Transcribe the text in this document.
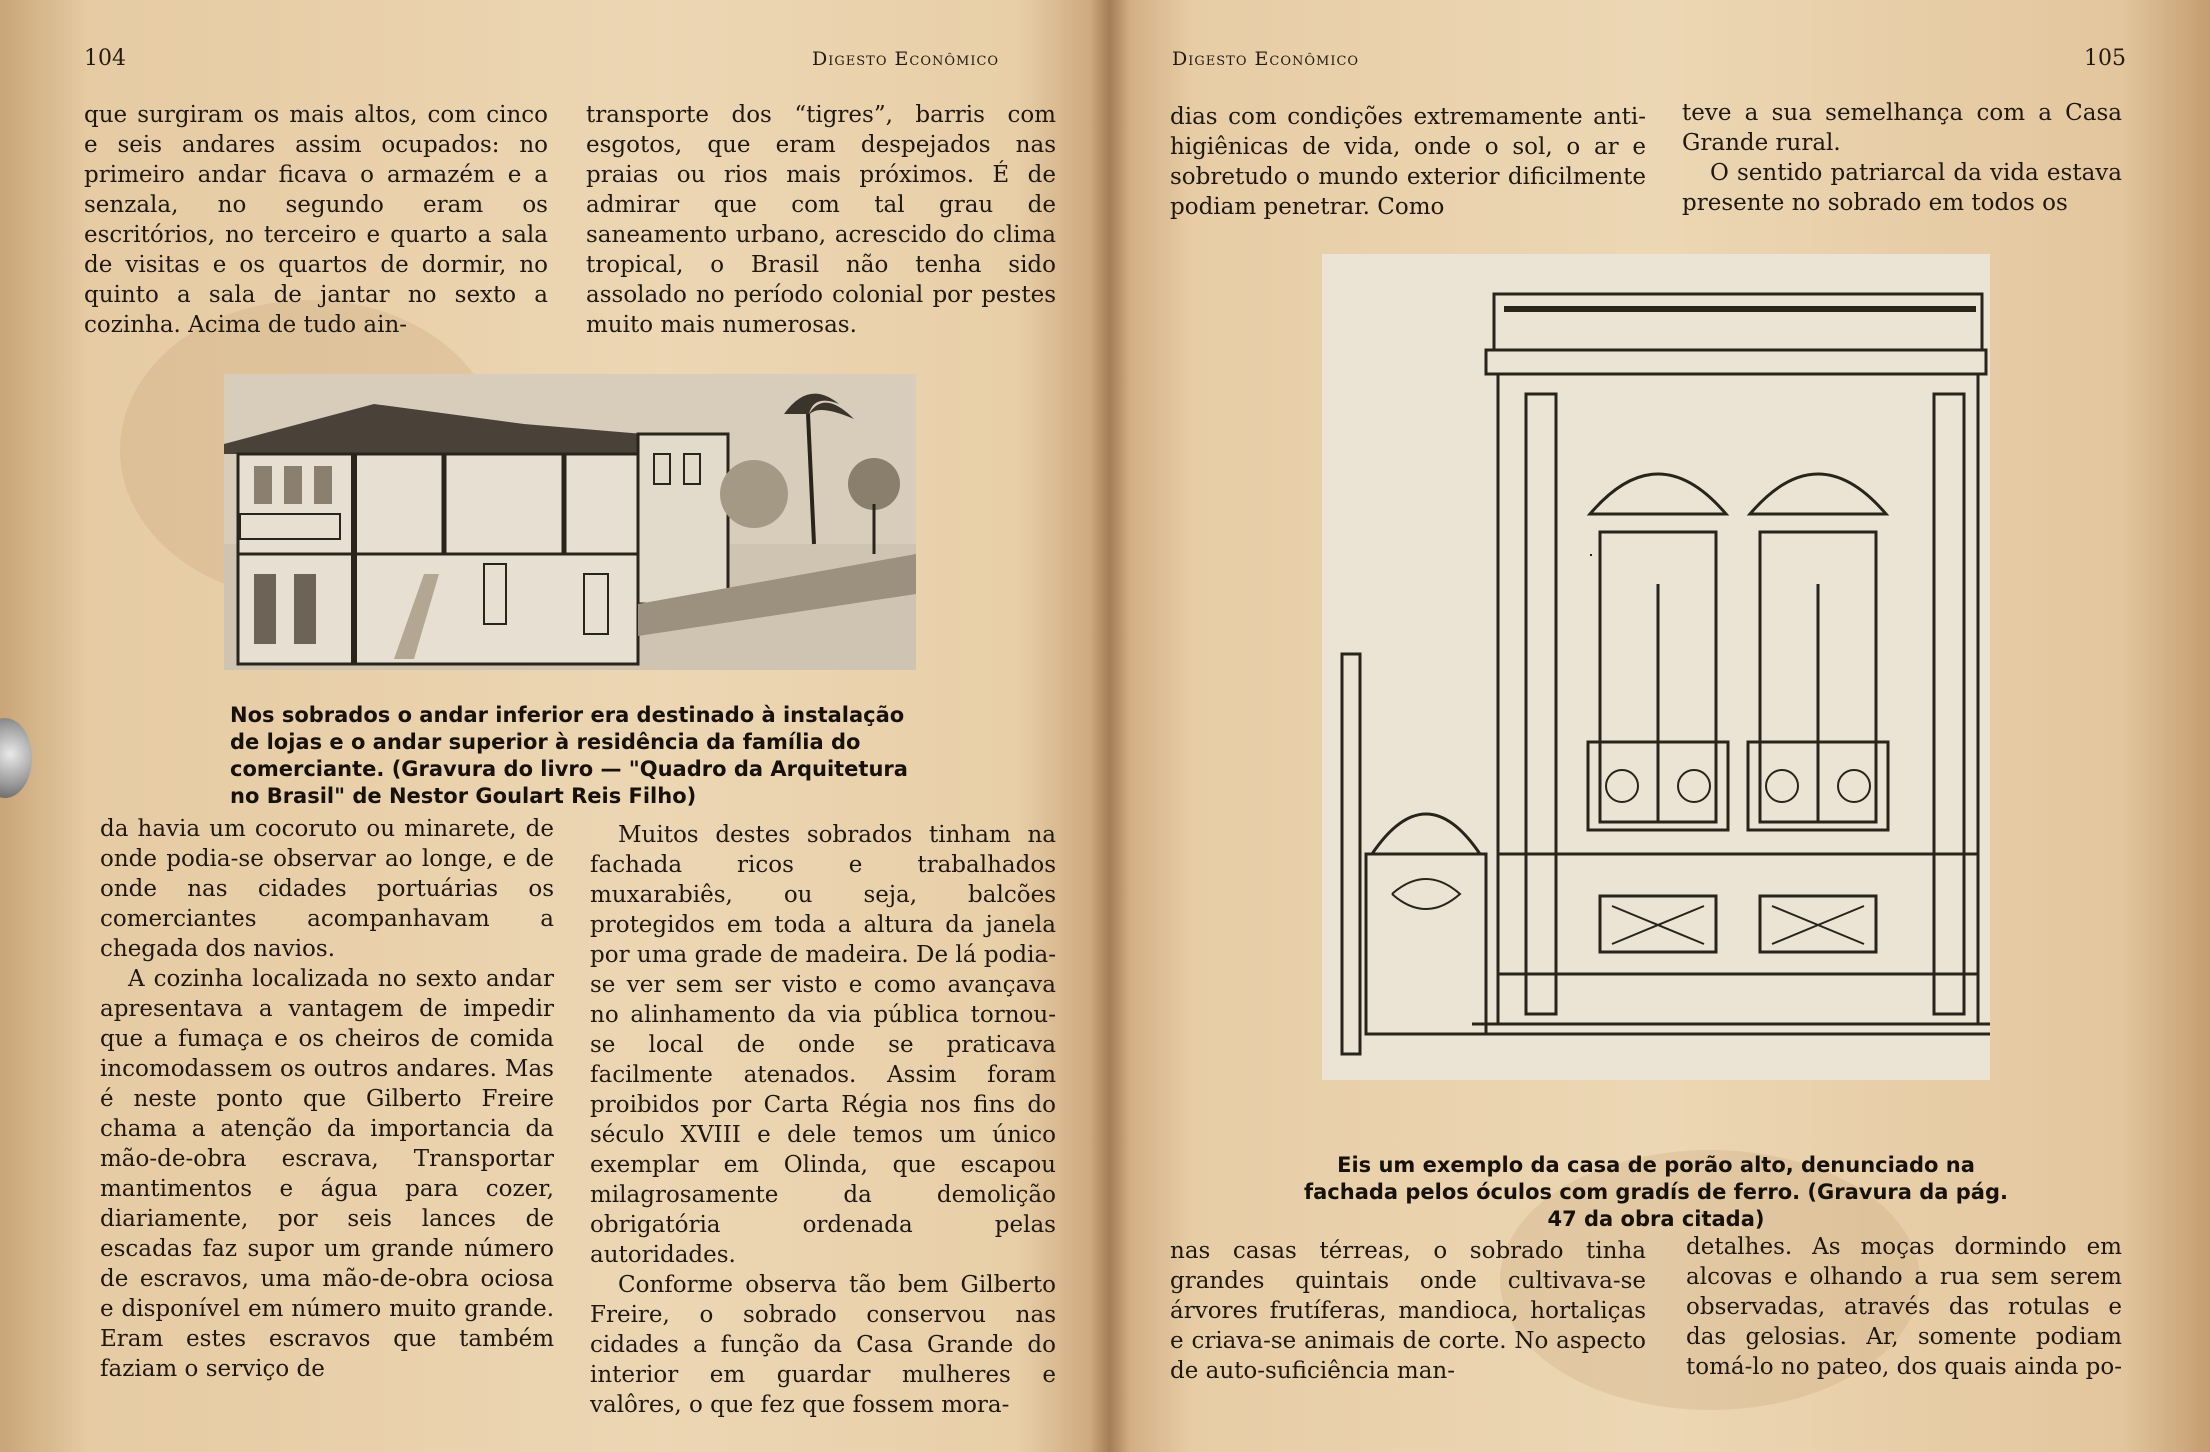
104	Digesto Econômico

que surgiram os mais altos, com cinco e seis andares assim ocupados: no primeiro andar ficava o armazém e a senzala, no segundo eram os escritórios, no terceiro e quarto a sala de visitas e os quartos de dormir, no quinto a sala de jantar no sexto a cozinha. Acima de tudo ain-

transporte dos “tigres”, barris com esgotos, que eram despejados nas praias ou rios mais próximos. É de admirar que com tal grau de saneamento urbano, acrescido do clima tropical, o Brasil não tenha sido assolado no período colonial por pestes muito mais numerosas.

Nos sobrados o andar inferior era destinado à instalação de lojas e o andar superior à residência da família do comerciante. (Gravura do livro — "Quadro da Arquitetura no Brasil" de Nestor Goulart Reis Filho)

da havia um cocoruto ou minarete, de onde podia-se observar ao longe, e de onde nas cidades portuárias os comerciantes acompanhavam a chegada dos navios.

A cozinha localizada no sexto andar apresentava a vantagem de impedir que a fumaça e os cheiros de comida incomodassem os outros andares. Mas é neste ponto que Gilberto Freire chama a atenção da importancia da mão-de-obra escrava, Transportar mantimentos e água para cozer, diariamente, por seis lances de escadas faz supor um grande número de escravos, uma mão-de-obra ociosa e disponível em número muito grande. Eram estes escravos que também faziam o serviço de

Muitos destes sobrados tinham na fachada ricos e trabalhados muxarabiês, ou seja, balcões protegidos em toda a altura da janela por uma grade de madeira. De lá podia-se ver sem ser visto e como avançava no alinhamento da via pública tornou-se local de onde se praticava facilmente atenados. Assim foram proibidos por Carta Régia nos fins do século XVIII e dele temos um único exemplar em Olinda, que escapou milagrosamente da demolição obrigatória ordenada pelas autoridades.

Conforme observa tão bem Gilberto Freire, o sobrado conservou nas cidades a função da Casa Grande do interior em guardar mulheres e valôres, o que fez que fossem mora-

Digesto Econômico	105

dias com condições extremamente anti-higiênicas de vida, onde o sol, o ar e sobretudo o mundo exterior dificilmente podiam penetrar. Como

teve a sua semelhança com a Casa Grande rural.

O sentido patriarcal da vida estava presente no sobrado em todos os

Eis um exemplo da casa de porão alto, denunciado na fachada pelos óculos com gradís de ferro. (Gravura da pág. 47 da obra citada)

nas casas térreas, o sobrado tinha grandes quintais onde cultivava-se árvores frutíferas, mandioca, hortaliças e criava-se animais de corte. No aspecto de auto-suficiência man-

detalhes. As moças dormindo em alcovas e olhando a rua sem serem observadas, através das rotulas e das gelosias. Ar, somente podiam tomá-lo no pateo, dos quais ainda po-
